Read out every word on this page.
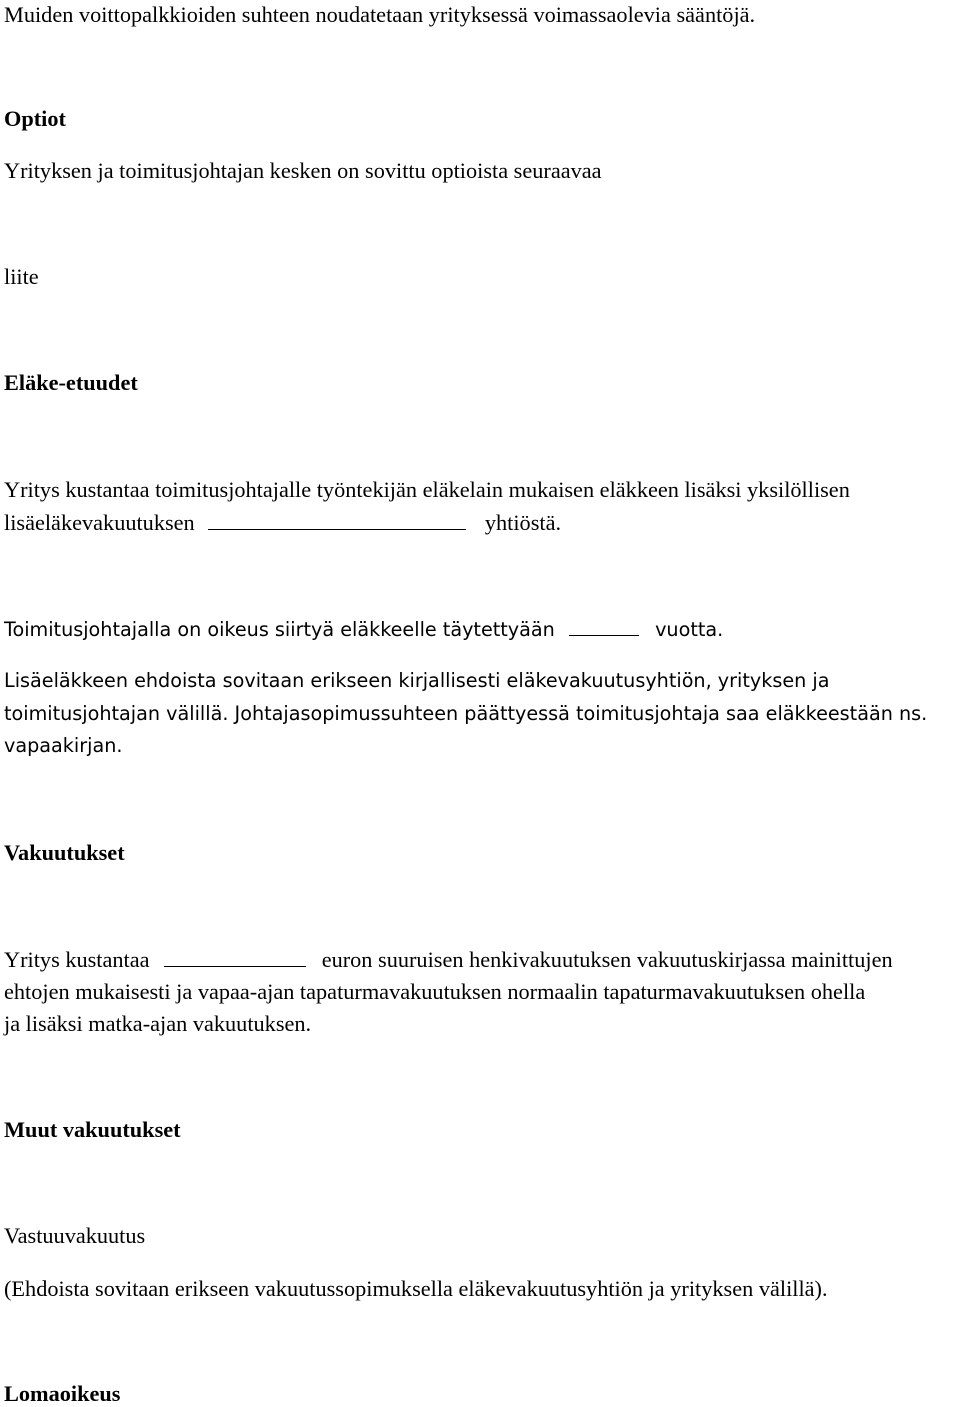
Muiden voittopalkkioiden suhteen noudatetaan yrityksessä voimassaolevia sääntöjä.

Optiot

Yrityksen ja toimitusjohtajan kesken on sovittu optioista seuraavaa

liite

Eläke-etuudet

Yritys kustantaa toimitusjohtajalle työntekijän eläkelain mukaisen eläkkeen lisäksi yksilöllisen

lisäeläkevakuutuksen	yhtiöstä.

Toimitusjohtajalla on oikeus siirtyä eläkkeelle täytettyään	vuotta.

Lisäeläkkeen ehdoista sovitaan erikseen kirjallisesti eläkevakuutusyhtiön, yrityksen ja

toimitusjohtajan välillä. Johtajasopimussuhteen päättyessä toimitusjohtaja saa eläkkeestään ns.

vapaakirjan.

Vakuutukset

Yritys kustantaa	euron suuruisen henkivakuutuksen vakuutuskirjassa mainittujen

ehtojen mukaisesti ja vapaa-ajan tapaturmavakuutuksen normaalin tapaturmavakuutuksen ohella

ja lisäksi matka-ajan vakuutuksen.

Muut vakuutukset

Vastuuvakuutus

(Ehdoista sovitaan erikseen vakuutussopimuksella eläkevakuutusyhtiön ja yrityksen välillä).

Lomaoikeus
